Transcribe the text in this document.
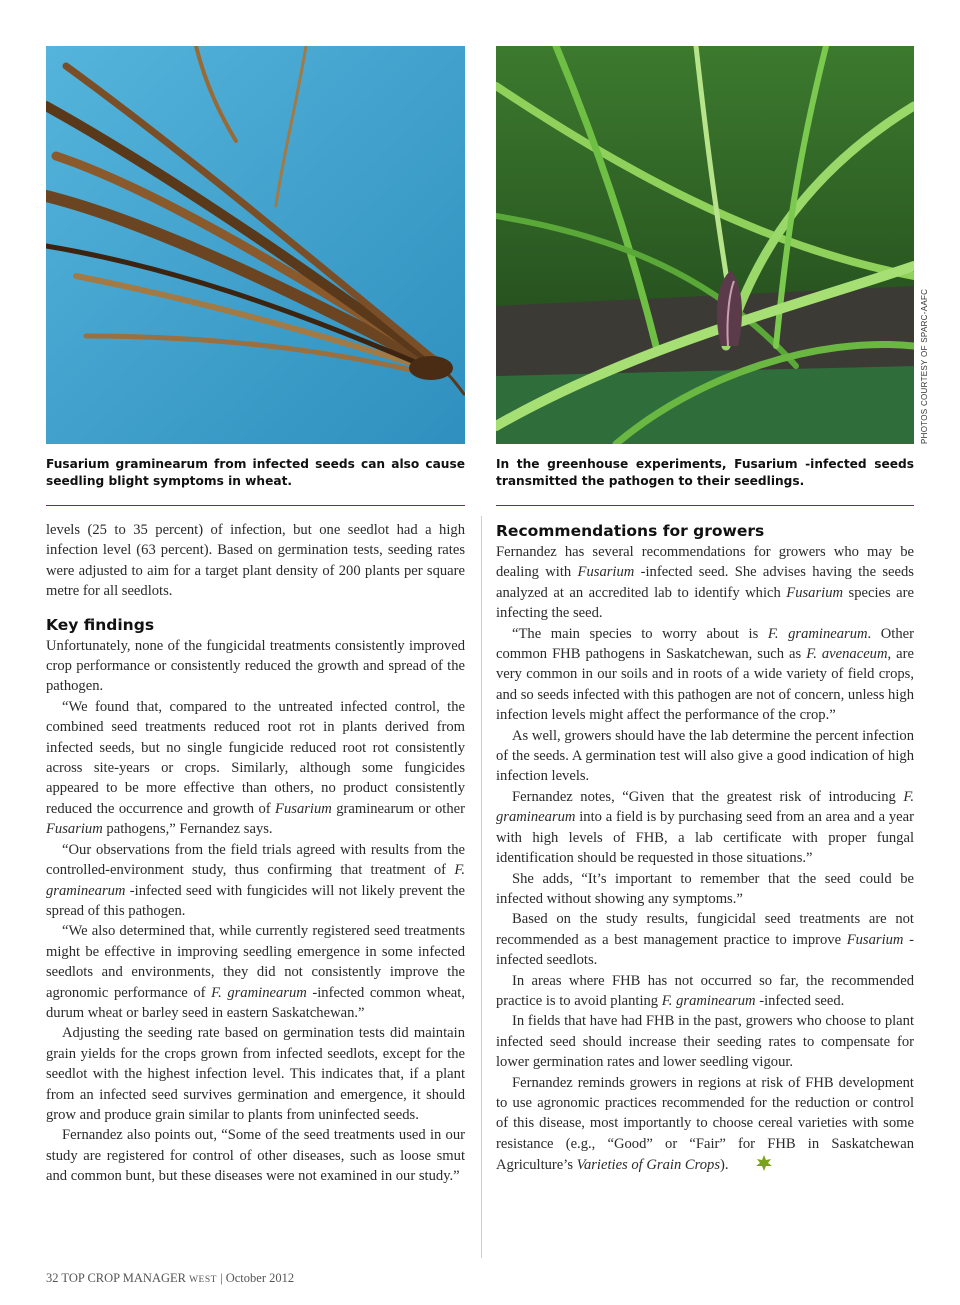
PHOTOS COURTESY OF SPARC-AAFC
Fusarium graminearum from infected seeds can also cause seedling blight symptoms in wheat.
In the greenhouse experiments, Fusarium -infected seeds transmitted the pathogen to their seedlings.

levels (25 to 35 percent) of infection, but one seedlot had a high infection level (63 percent). Based on germination tests, seeding rates were adjusted to aim for a target plant density of 200 plants per square metre for all seedlots.

Key findings

Unfortunately, none of the fungicidal treatments consistently improved crop performance or consistently reduced the growth and spread of the pathogen.

“We found that, compared to the untreated infected control, the combined seed treatments reduced root rot in plants derived from infected seeds, but no single fungicide reduced root rot consistently across site-years or crops. Similarly, although some fungicides appeared to be more effective than others, no product consistently reduced the occurrence and growth of Fusarium graminearum or other Fusarium pathogens,” Fernandez says.

“Our observations from the field trials agreed with results from the controlled-environment study, thus confirming that treatment of F. graminearum -infected seed with fungicides will not likely prevent the spread of this pathogen.

“We also determined that, while currently registered seed treatments might be effective in improving seedling emergence in some infected seedlots and environments, they did not consistently improve the agronomic performance of F. graminearum -infected common wheat, durum wheat or barley seed in eastern Saskatchewan.”

Adjusting the seeding rate based on germination tests did maintain grain yields for the crops grown from infected seedlots, except for the seedlot with the highest infection level. This indicates that, if a plant from an infected seed survives germination and emergence, it should grow and produce grain similar to plants from uninfected seeds.

Fernandez also points out, “Some of the seed treatments used in our study are registered for control of other diseases, such as loose smut and common bunt, but these diseases were not examined in our study.”

Recommendations for growers

Fernandez has several recommendations for growers who may be dealing with Fusarium -infected seed. She advises having the seeds analyzed at an accredited lab to identify which Fusarium species are infecting the seed.

“The main species to worry about is F. graminearum. Other common FHB pathogens in Saskatchewan, such as F. avenaceum, are very common in our soils and in roots of a wide variety of field crops, and so seeds infected with this pathogen are not of concern, unless high infection levels might affect the performance of the crop.”

As well, growers should have the lab determine the percent infection of the seeds. A germination test will also give a good indication of high infection levels.

Fernandez notes, “Given that the greatest risk of introducing F. graminearum into a field is by purchasing seed from an area and a year with high levels of FHB, a lab certificate with proper fungal identification should be requested in those situations.”

She adds, “It’s important to remember that the seed could be infected without showing any symptoms.”

Based on the study results, fungicidal seed treatments are not recommended as a best management practice to improve Fusarium -infected seedlots.

In areas where FHB has not occurred so far, the recommended practice is to avoid planting F. graminearum -infected seed.

In fields that have had FHB in the past, growers who choose to plant infected seed should increase their seeding rates to compensate for lower germination rates and lower seedling vigour.

Fernandez reminds growers in regions at risk of FHB development to use agronomic practices recommended for the reduction or control of this disease, most importantly to choose cereal varieties with some resistance (e.g., “Good” or “Fair” for FHB in Saskatchewan Agriculture’s Varieties of Grain Crops).

32 TOP CROP MANAGER WEST | October 2012
